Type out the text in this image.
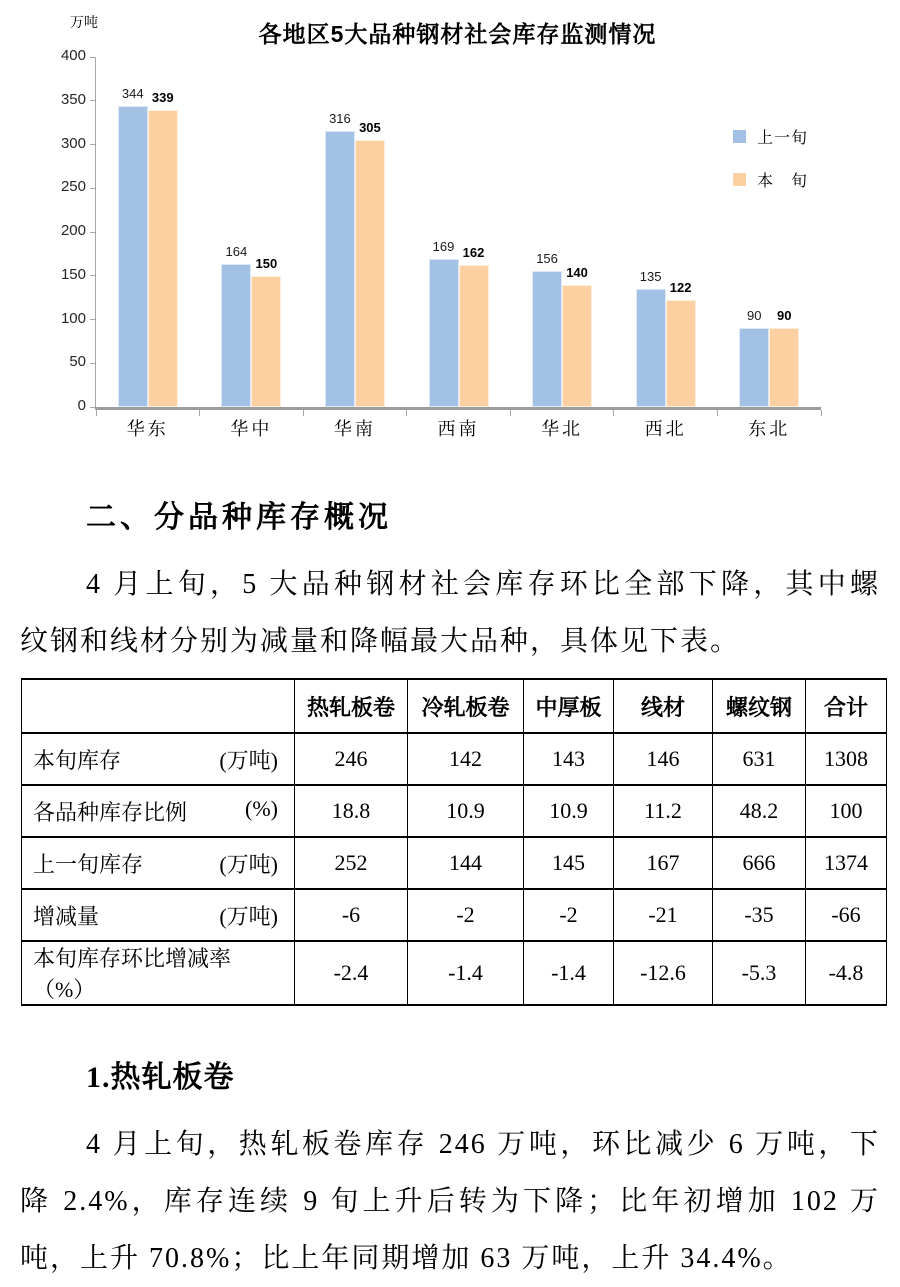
万吨	各地区5大品种钢材社会库存监测情况
344 339
华东
164
150
华中
316
305
华南
169 162
西南
156
140
华北
135
122
西北
90	90
东北
上一旬
本　旬
0
50
100
150
200
250
300
350
400
二、分品种库存概况
4 月上旬，5 大品种钢材社会库存环比全部下降，其中螺
纹钢和线材分别为减量和降幅最大品种，具体见下表。
	热轧板卷	冷轧板卷	中厚板	线材	螺纹钢	合计
本旬库存 (万吨)	246	142	143	146	631	1308
各品种库存比例 (%)	18.8	10.9	10.9	11.2	48.2	100
上一旬库存 (万吨)	252	144	145	167	666	1374
增减量 (万吨)	-6	-2	-2	-21	-35	-66
本旬库存环比增减率（%）	-2.4	-1.4	-1.4	-12.6	-5.3	-4.8
1.热轧板卷
4 月上旬，热轧板卷库存 246 万吨，环比减少 6 万吨，下
降 2.4%，库存连续 9 旬上升后转为下降；比年初增加 102 万
吨，上升 70.8%；比上年同期增加 63 万吨，上升 34.4%。
